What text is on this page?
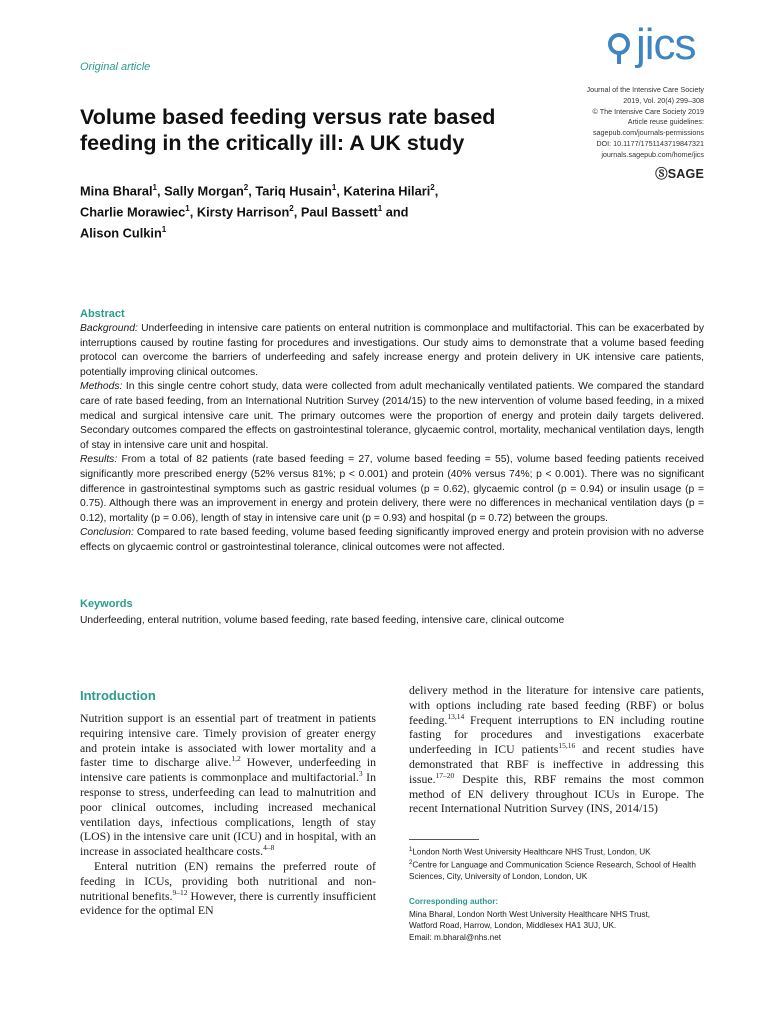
Original article	jics
Journal of the Intensive Care Society
2019, Vol. 20(4) 299–308
© The Intensive Care Society 2019
Article reuse guidelines:
sagepub.com/journals-permissions
DOI: 10.1177/1751143719847321
journals.sagepub.com/home/jics
ⓈSAGE
Volume based feeding versus rate based feeding in the critically ill: A UK study
Mina Bharal$^1$, Sally Morgan$^2$, Tariq Husain$^1$, Katerina Hilari$^2$,
Charlie Morawiec$^1$, Kirsty Harrison$^2$, Paul Bassett$^1$ and
Alison Culkin$^1$
Abstract

Background: Underfeeding in intensive care patients on enteral nutrition is commonplace and multifactorial. This can be exacerbated by interruptions caused by routine fasting for procedures and investigations. Our study aims to demonstrate that a volume based feeding protocol can overcome the barriers of underfeeding and safely increase energy and protein delivery in UK intensive care patients, potentially improving clinical outcomes.

Methods: In this single centre cohort study, data were collected from adult mechanically ventilated patients. We compared the standard care of rate based feeding, from an International Nutrition Survey (2014/15) to the new intervention of volume based feeding, in a mixed medical and surgical intensive care unit. The primary outcomes were the proportion of energy and protein daily targets delivered. Secondary outcomes compared the effects on gastrointestinal tolerance, glycaemic control, mortality, mechanical ventilation days, length of stay in intensive care unit and hospital.

Results: From a total of 82 patients (rate based feeding = 27, volume based feeding = 55), volume based feeding patients received significantly more prescribed energy (52% versus 81%; p < 0.001) and protein (40% versus 74%; p < 0.001). There was no significant difference in gastrointestinal symptoms such as gastric residual volumes (p = 0.62), glycaemic control (p = 0.94) or insulin usage (p = 0.75). Although there was an improvement in energy and protein delivery, there were no differences in mechanical ventilation days (p = 0.12), mortality (p = 0.06), length of stay in intensive care unit (p = 0.93) and hospital (p = 0.72) between the groups.

Conclusion: Compared to rate based feeding, volume based feeding significantly improved energy and protein provision with no adverse effects on glycaemic control or gastrointestinal tolerance, clinical outcomes were not affected.

Keywords
Underfeeding, enteral nutrition, volume based feeding, rate based feeding, intensive care, clinical outcome
Introduction

Nutrition support is an essential part of treatment in patients requiring intensive care. Timely provision of greater energy and protein intake is associated with lower mortality and a faster time to discharge alive.$^{1,2}$ However, underfeeding in intensive care patients is commonplace and multifactorial.$^3$ In response to stress, underfeeding can lead to malnutrition and poor clinical outcomes, including increased mechanical ventilation days, infectious complications, length of stay (LOS) in the intensive care unit (ICU) and in hospital, with an increase in associated healthcare costs.$^{4-8}$

Enteral nutrition (EN) remains the preferred route of feeding in ICUs, providing both nutritional and non-nutritional benefits.$^{9-12}$ However, there is currently insufficient evidence for the optimal EN

delivery method in the literature for intensive care patients, with options including rate based feeding (RBF) or bolus feeding.$^{13,14}$ Frequent interruptions to EN including routine fasting for procedures and investigations exacerbate underfeeding in ICU patients$^{15,16}$ and recent studies have demonstrated that RBF is ineffective in addressing this issue.$^{17-20}$ Despite this, RBF remains the most common method of EN delivery throughout ICUs in Europe. The recent International Nutrition Survey (INS, 2014/15)

$^1$London North West University Healthcare NHS Trust, London, UK
$^2$Centre for Language and Communication Science Research, School of Health Sciences, City, University of London, London, UK
Corresponding author:
Mina Bharal, London North West University Healthcare NHS Trust,
Watford Road, Harrow, London, Middlesex HA1 3UJ, UK.
Email: m.bharal@nhs.net
